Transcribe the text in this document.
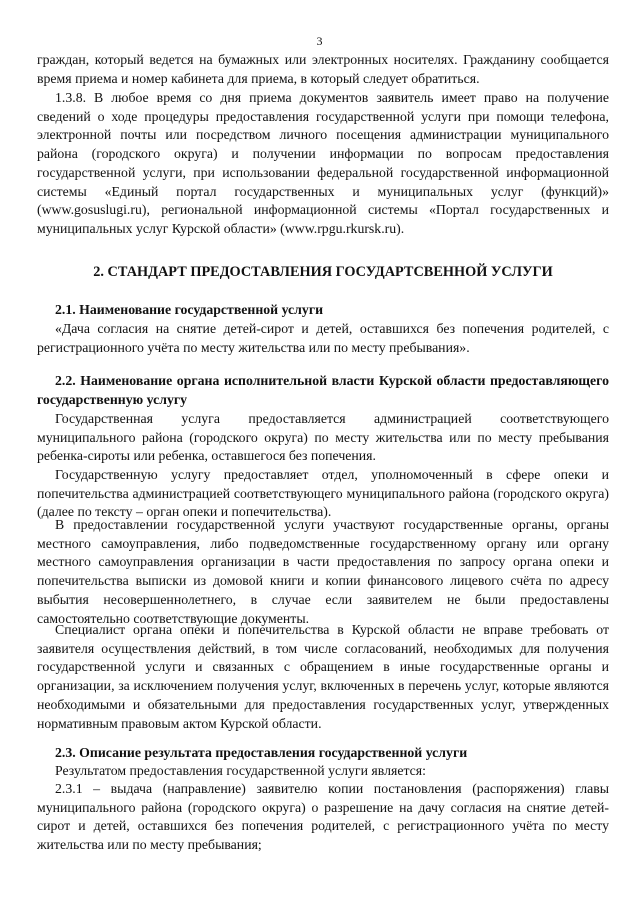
3

граждан, который ведется на бумажных или электронных носителях. Гражданину сообщается время приема и номер кабинета для приема, в который следует обратиться.

1.3.8. В любое время со дня приема документов заявитель имеет право на получение сведений о ходе процедуры предоставления государственной услуги при помощи телефона, электронной почты или посредством личного посещения администрации муниципального района (городского округа) и получении информации по вопросам предоставления государственной услуги, при использовании федеральной государственной информационной системы «Единый портал государственных и муниципальных услуг (функций)» (www.gosuslugi.ru), региональной информационной системы «Портал государственных и муниципальных услуг Курской области» (www.rpgu.rkursk.ru).

2. СТАНДАРТ ПРЕДОСТАВЛЕНИЯ ГОСУДАРТСВЕННОЙ УСЛУГИ

2.1. Наименование государственной услуги

«Дача согласия на снятие детей-сирот и детей, оставшихся без попечения родителей, с регистрационного учёта по месту жительства или по месту пребывания».

2.2. Наименование органа исполнительной власти Курской области предоставляющего государственную услугу

Государственная услуга предоставляется администрацией соответствующего муниципального района (городского округа) по месту жительства или по месту пребывания ребенка-сироты или ребенка, оставшегося без попечения.

Государственную услугу предоставляет отдел, уполномоченный в сфере опеки и попечительства администрацией соответствующего муниципального района (городского округа) (далее по тексту – орган опеки и попечительства).

В предоставлении государственной услуги участвуют государственные органы, органы местного самоуправления, либо подведомственные государственному органу или органу местного самоуправления организации в части предоставления по запросу органа опеки и попечительства выписки из домовой книги и копии финансового лицевого счёта по адресу выбытия несовершеннолетнего, в случае если заявителем не были предоставлены самостоятельно соответствующие документы.

Специалист органа опеки и попечительства в Курской области не вправе требовать от заявителя осуществления действий, в том числе согласований, необходимых для получения государственной услуги и связанных с обращением в иные государственные органы и организации, за исключением получения услуг, включенных в перечень услуг, которые являются необходимыми и обязательными для предоставления государственных услуг, утвержденных нормативным правовым актом Курской области.

2.3. Описание результата предоставления государственной услуги

Результатом предоставления государственной услуги является:

2.3.1 – выдача (направление) заявителю копии постановления (распоряжения) главы муниципального района (городского округа) о разрешение на дачу согласия на снятие детей-сирот и детей, оставшихся без попечения родителей, с регистрационного учёта по месту жительства или по месту пребывания;
